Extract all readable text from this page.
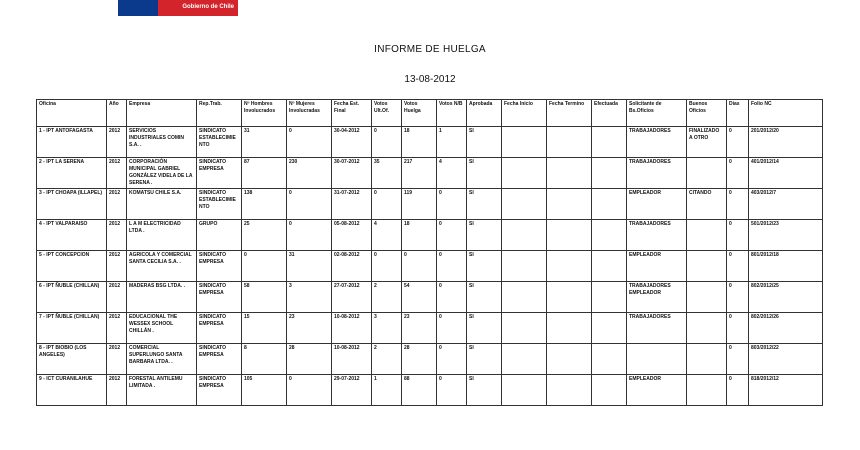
Gobierno de Chile
INFORME DE HUELGA
13-08-2012
Oficina	Año	Empresa	Rep.Trab.	Nº Hombres Involucrados	Nº Mujeres Involucradas	Fecha Est. Final	Votos Ult.Of.	Votos Huelga	Votos N/B	Aprobada	Fecha Inicio	Fecha Termino	Efectuada	Solicitante de Bs.Oficios	Buenos Oficios	Días	Folio NC
1 - IPT ANTOFAGASTA	2012	SERVICIOS INDUSTRIALES COMIN S.A. .	SINDICATO ESTABLECIMIENTO	31	0	30-04-2012	0	18	1	SI				TRABAJADORES	FINALIZADO A OTRO	0	201/2012/20
2 - IPT LA SERENA	2012	CORPORACIÓN MUNICIPAL GABRIEL GONZÁLEZ VIDELA DE LA SERENA .	SINDICATO EMPRESA	87	230	30-07-2012	35	217	4	SI				TRABAJADORES		0	401/2012/14
3 - IPT CHOAPA (ILLAPEL)	2012	KOMATSU CHILE S.A.	SINDICATO ESTABLECIMIENTO	138	0	31-07-2012	0	119	0	SI				EMPLEADOR	CITANDO	0	403/2012/7
4 - IPT VALPARAISO	2012	L A M ELECTRICIDAD LTDA .	GRUPO	25	0	05-08-2012	4	18	0	SI				TRABAJADORES		0	501/2012/23
5 - IPT CONCEPCION	2012	AGRICOLA Y COMERCIAL SANTA CECILIA S.A. .	SINDICATO EMPRESA	0	31	02-08-2012	0	0	0	SI				EMPLEADOR		0	801/2012/18
6 - IPT ÑUBLE (CHILLAN)	2012	MADERAS BSG LTDA. .	SINDICATO EMPRESA	58	3	27-07-2012	2	54	0	SI				TRABAJADORES EMPLEADOR		0	802/2012/25
7 - IPT ÑUBLE (CHILLAN)	2012	EDUCACIONAL THE WESSEX SCHOOL CHILLÁN .	SINDICATO EMPRESA	15	23	10-08-2012	3	23	0	SI				TRABAJADORES		0	802/2012/26
8 - IPT BIOBIO (LOS ANGELES)	2012	COMERCIAL SUPERLUNGO SANTA BARBARA LTDA. .	SINDICATO EMPRESA	8	28	10-08-2012	2	28	0	SI						0	803/2012/22
9 - ICT CURANILAHUE	2012	FORESTAL ANTILEMU LIMITADA .	SINDICATO EMPRESA	105	0	29-07-2012	1	88	0	SI				EMPLEADOR		0	818/2012/12
